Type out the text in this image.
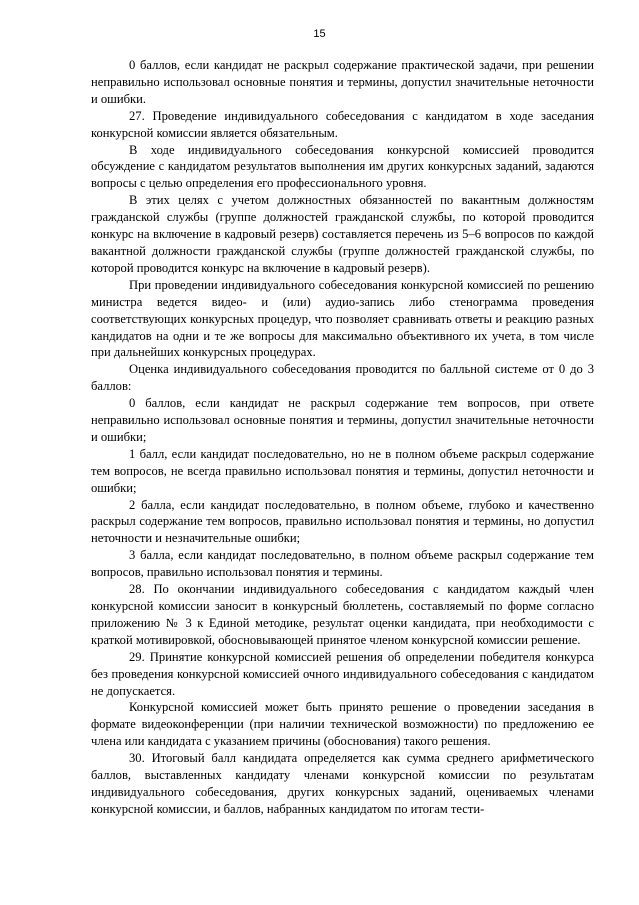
15

0 баллов, если кандидат не раскрыл содержание практической задачи, при решении неправильно использовал основные понятия и термины, допустил значительные неточности и ошибки.

27. Проведение индивидуального собеседования с кандидатом в ходе заседания конкурсной комиссии является обязательным.

В ходе индивидуального собеседования конкурсной комиссией проводится обсуждение с кандидатом результатов выполнения им других конкурсных заданий, задаются вопросы с целью определения его профессионального уровня.

В этих целях с учетом должностных обязанностей по вакантным должностям гражданской службы (группе должностей гражданской службы, по которой проводится конкурс на включение в кадровый резерв) составляется перечень из 5–6 вопросов по каждой вакантной должности гражданской службы (группе должностей гражданской службы, по которой проводится конкурс на включение в кадровый резерв).

При проведении индивидуального собеседования конкурсной комиссией по решению министра ведется видео- и (или) аудио-запись либо стенограмма проведения соответствующих конкурсных процедур, что позволяет сравнивать ответы и реакцию разных кандидатов на одни и те же вопросы для максимально объективного их учета, в том числе при дальнейших конкурсных процедурах.

Оценка индивидуального собеседования проводится по балльной системе от 0 до 3 баллов:

0 баллов, если кандидат не раскрыл содержание тем вопросов, при ответе неправильно использовал основные понятия и термины, допустил значительные неточности и ошибки;

1 балл, если кандидат последовательно, но не в полном объеме раскрыл содержание тем вопросов, не всегда правильно использовал понятия и термины, допустил неточности и ошибки;

2 балла, если кандидат последовательно, в полном объеме, глубоко и качественно раскрыл содержание тем вопросов, правильно использовал понятия и термины, но допустил неточности и незначительные ошибки;

3 балла, если кандидат последовательно, в полном объеме раскрыл содержание тем вопросов, правильно использовал понятия и термины.

28. По окончании индивидуального собеседования с кандидатом каждый член конкурсной комиссии заносит в конкурсный бюллетень, составляемый по форме согласно приложению № 3 к Единой методике, результат оценки кандидата, при необходимости с краткой мотивировкой, обосновывающей принятое членом конкурсной комиссии решение.

29. Принятие конкурсной комиссией решения об определении победителя конкурса без проведения конкурсной комиссией очного индивидуального собеседования с кандидатом не допускается.

Конкурсной комиссией может быть принято решение о проведении заседания в формате видеоконференции (при наличии технической возможности) по предложению ее члена или кандидата с указанием причины (обоснования) такого решения.

30. Итоговый балл кандидата определяется как сумма среднего арифметического баллов, выставленных кандидату членами конкурсной комиссии по результатам индивидуального собеседования, других конкурсных заданий, оцениваемых членами конкурсной комиссии, и баллов, набранных кандидатом по итогам тести-
